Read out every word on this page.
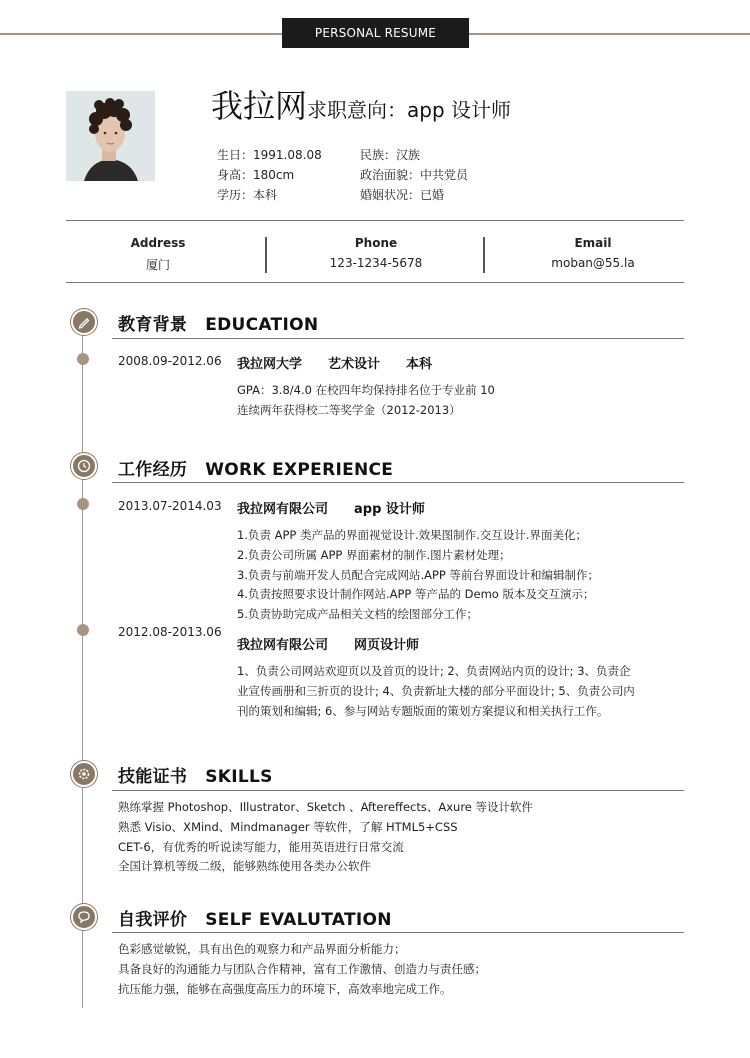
PERSONAL RESUME
我拉网求职意向：app 设计师
生日：1991.08.08
身高：180cm
学历：本科
民族：汉族
政治面貌：中共党员
婚姻状况：已婚
Address
厦门
Phone
123-1234-5678
Email
moban@55.la
教育背景 EDUCATION
2008.09-2012.06 我拉网大学 艺术设计 本科
GPA：3.8/4.0 在校四年均保持排名位于专业前 10
连续两年获得校二等奖学金（2012-2013）
工作经历 WORK EXPERIENCE
2013.07-2014.03 我拉网有限公司 app 设计师
1.负责 APP 类产品的界面视觉设计.效果图制作.交互设计.界面美化；
2.负责公司所属 APP 界面素材的制作.图片素材处理；
3.负责与前端开发人员配合完成网站.APP 等前台界面设计和编辑制作；
4.负责按照要求设计制作网站.APP 等产品的 Demo 版本及交互演示；
5.负责协助完成产品相关文档的绘图部分工作；
2012.08-2013.06
我拉网有限公司 网页设计师
1、负责公司网站欢迎页以及首页的设计; 2、负责网站内页的设计; 3、负责企
业宣传画册和三折页的设计; 4、负责新址大楼的部分平面设计; 5、负责公司内
刊的策划和编辑; 6、参与网站专题版面的策划方案提议和相关执行工作。
技能证书 SKILLS
熟练掌握 Photoshop、Illustrator、Sketch 、Aftereffects、Axure 等设计软件
熟悉 Visio、XMind、Mindmanager 等软件，了解 HTML5+CSS
CET-6，有优秀的听说读写能力，能用英语进行日常交流
全国计算机等级二级，能够熟练使用各类办公软件
自我评价 SELF EVALUTATION
色彩感觉敏锐，具有出色的观察力和产品界面分析能力；
具备良好的沟通能力与团队合作精神，富有工作激情、创造力与责任感；
抗压能力强，能够在高强度高压力的环境下，高效率地完成工作。
